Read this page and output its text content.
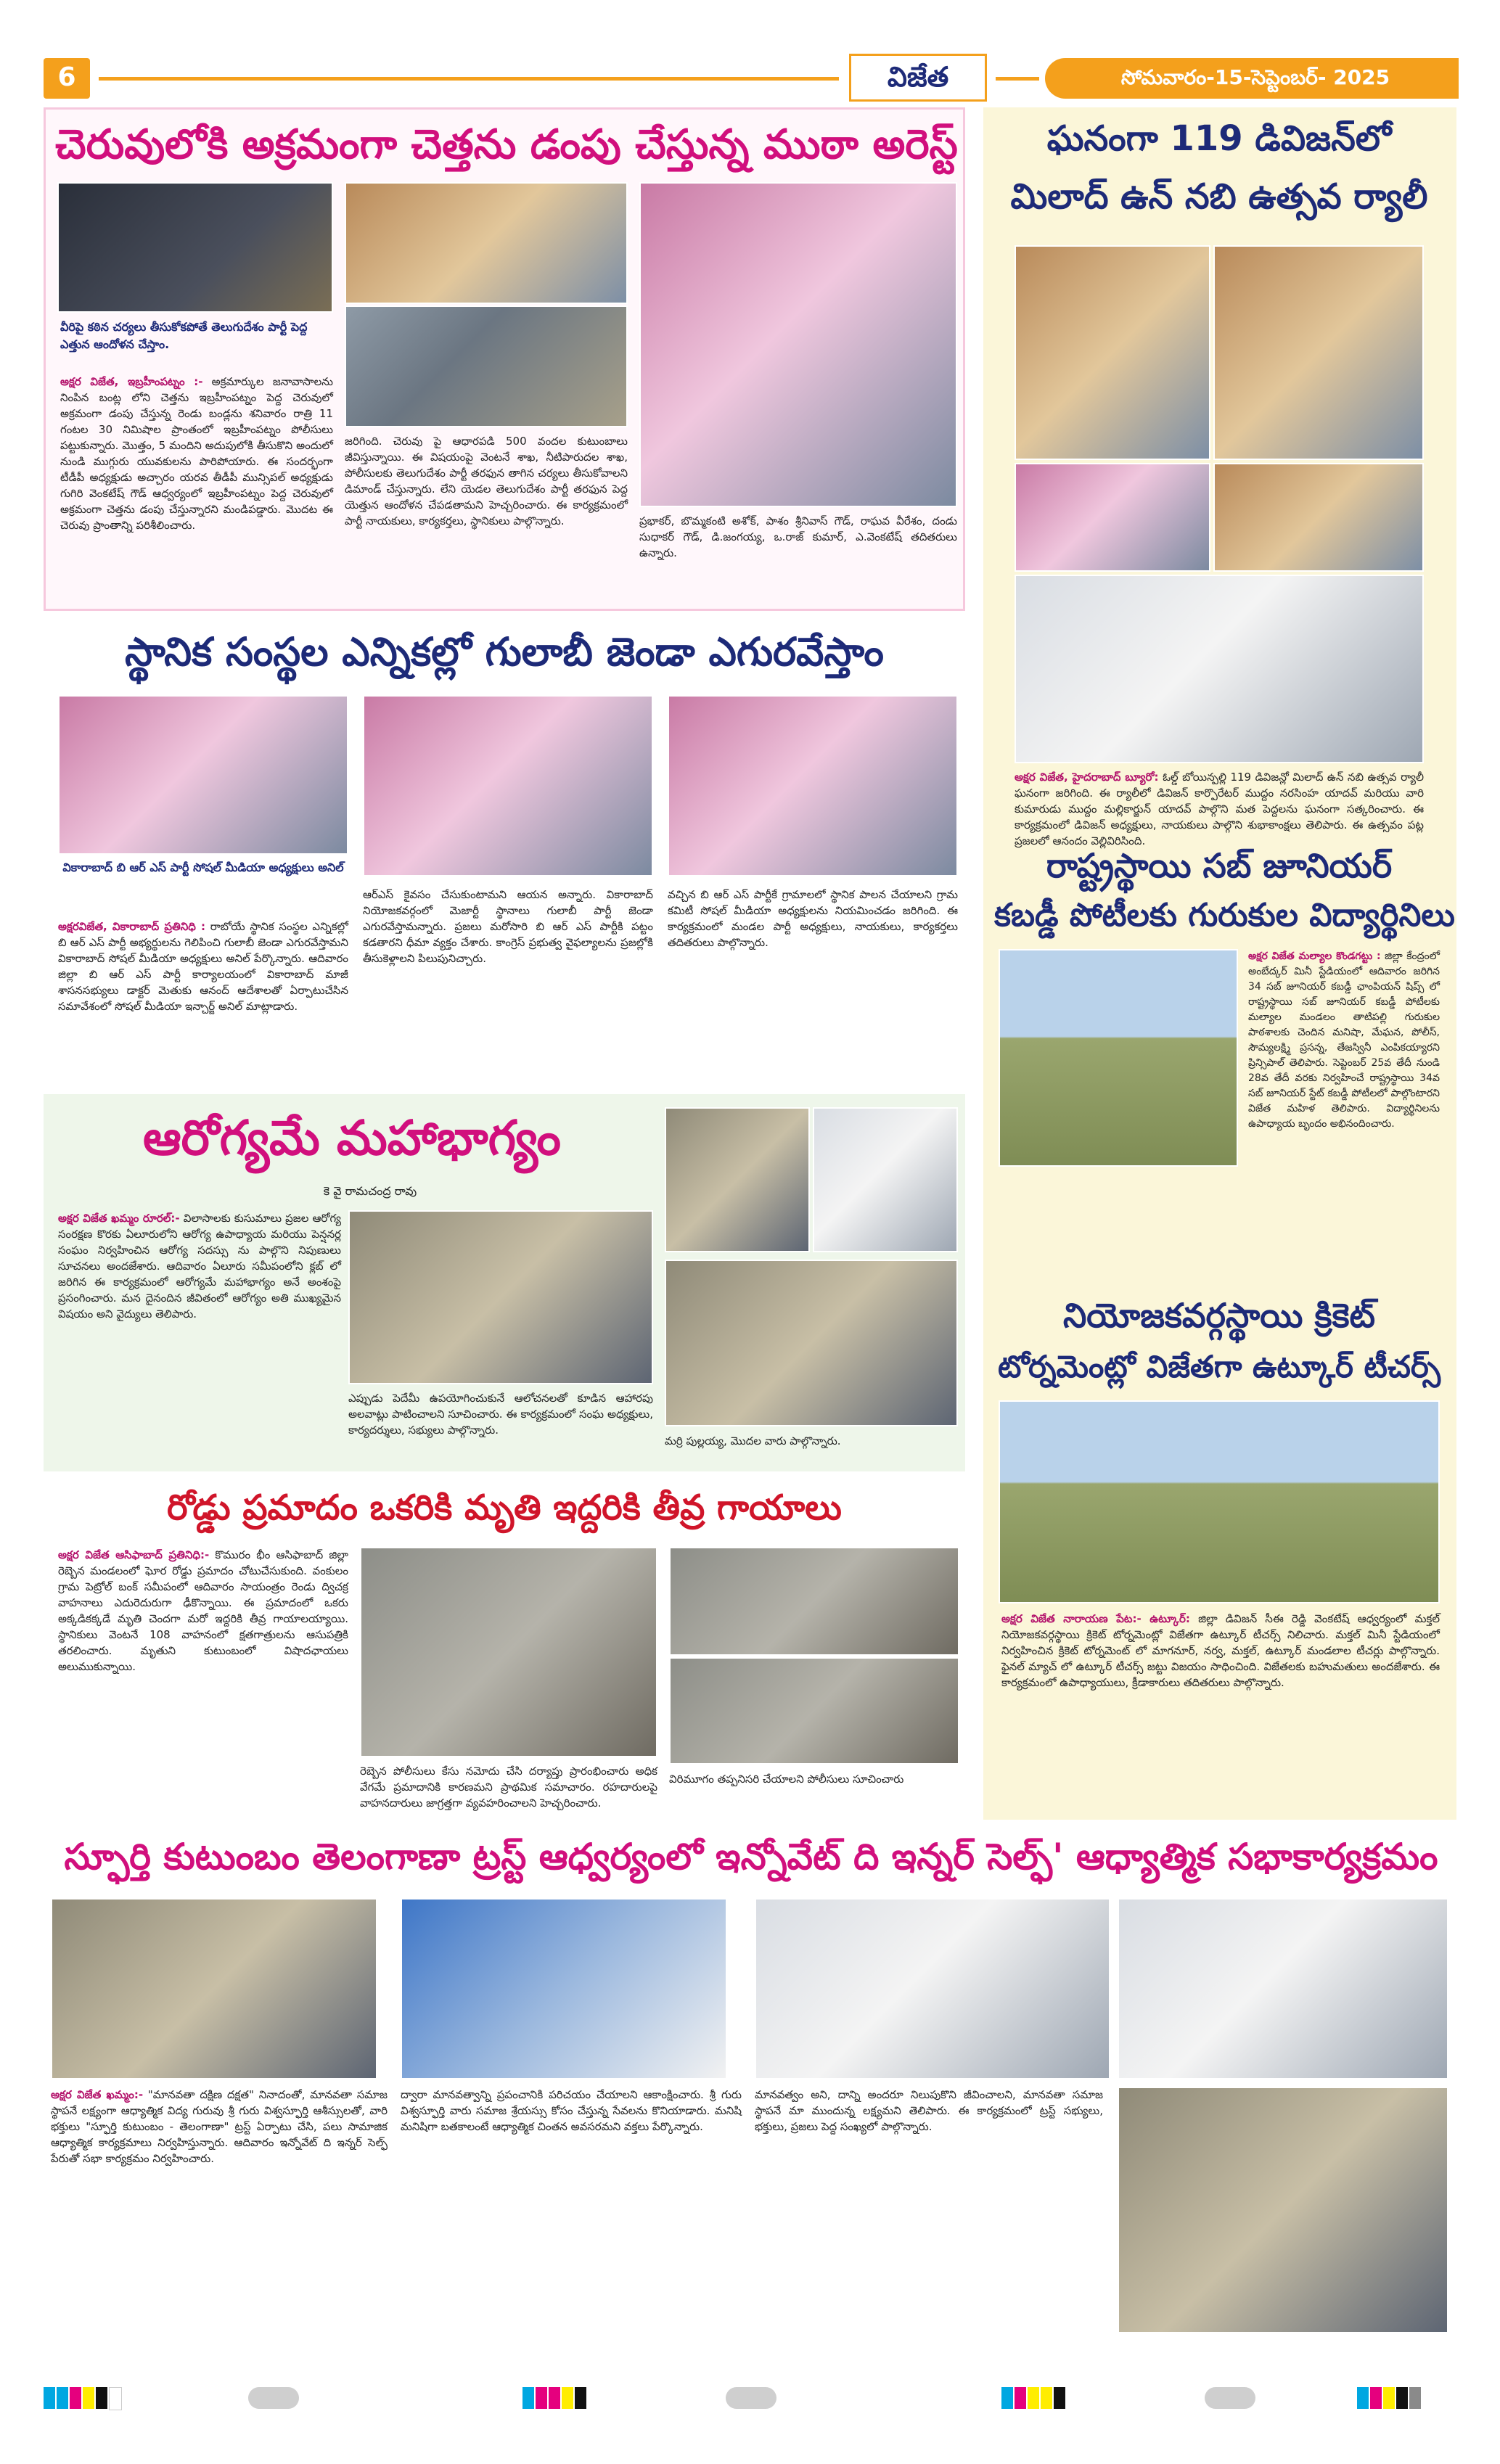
6	విజేత	సోమవారం-15-సెప్టెంబర్- 2025
చెరువులోకి అక్రమంగా చెత్తను డంపు చేస్తున్న ముఠా అరెస్ట్
వీరిపై కఠిన చర్యలు తీసుకోకపోతే తెలుగుదేశం పార్టీ పెద్ద ఎత్తున ఆందోళన చేస్తాం.
అక్షర విజేత, ఇబ్రహీంపట్నం :- అక్రమార్కుల జనావాసాలను నింపిన బంట్ల లోని చెత్తను ఇబ్రహీంపట్నం పెద్ద చెరువులో అక్రమంగా డంపు చేస్తున్న రెండు బండ్లను శనివారం రాత్రి 11 గంటల 30 నిమిషాల ప్రాంతంలో ఇబ్రహీంపట్నం పోలీసులు పట్టుకున్నారు. మొత్తం, 5 మందిని అదుపులోకి తీసుకొని అందులో నుండి ముగ్గురు యువకులను పారిపోయారు. ఈ సందర్భంగా టీడీపీ అధ్యక్షుడు అచ్చారం యరవ తీడీపీ మున్సిపల్ అధ్యక్షుడు గుగిరి వెంకటేష్ గౌడ్ ఆధ్వర్యంలో ఇబ్రహీంపట్నం పెద్ద చెరువులో అక్రమంగా చెత్తను డంపు చేస్తున్నారని మండిపడ్డారు. మొదట ఈ చెరువు ప్రాంతాన్ని పరిశీలించారు.
జరిగింది. చెరువు పై ఆధారపడి 500 వందల కుటుంబాలు జీవిస్తున్నాయి. ఈ విషయంపై వెంటనే శాఖ, నీటిపారుదల శాఖ, పోలీసులకు తెలుగుదేశం పార్టీ తరఫున తాగిన చర్యలు తీసుకోవాలని డిమాండ్ చేస్తున్నారు. లేని యెడల తెలుగుదేశం పార్టీ తరఫున పెద్ద యెత్తున ఆందోళన చేపడతామని హెచ్చరించారు. ఈ కార్యక్రమంలో పార్టీ నాయకులు, కార్యకర్తలు, స్థానికులు పాల్గొన్నారు.	ప్రభాకర్, బొమ్మకంటి అశోక్, పాశం శ్రీనివాస్ గౌడ్, రాఘవ వీరేశం, దండు సుధాకర్ గౌడ్, డి.జంగయ్య, ఒ.రాజ్ కుమార్, ఎ.వెంకటేష్ తదితరులు ఉన్నారు.
స్థానిక సంస్థల ఎన్నికల్లో గులాబీ జెండా ఎగురవేస్తాం
వికారాబాద్ బి ఆర్ ఎస్ పార్టీ సోషల్ మీడియా అధ్యక్షులు అనిల్
అక్షరవిజేత, వికారాబాద్ ప్రతినిధి : రాబోయే స్థానిక సంస్థల ఎన్నికల్లో బి ఆర్ ఎస్ పార్టీ అభ్యర్థులను గెలిపించి గులాబీ జెండా ఎగురవేస్తామని వికారాబాద్ సోషల్ మీడియా అధ్యక్షులు అనిల్ పేర్కొన్నారు. ఆదివారం జిల్లా బి ఆర్ ఎస్ పార్టీ కార్యాలయంలో వికారాబాద్ మాజీ శాసనసభ్యులు డాక్టర్ మెతుకు ఆనంద్ ఆదేశాలతో ఏర్పాటుచేసిన సమావేశంలో సోషల్ మీడియా ఇన్చార్జ్ అనిల్ మాట్లాడారు.
ఆర్ఎస్ కైవసం చేసుకుంటామని ఆయన అన్నారు. వికారాబాద్ నియోజకవర్గంలో మెజార్టీ స్థానాలు గులాబీ పార్టీ జెండా ఎగురవేస్తామన్నారు. ప్రజలు మరోసారి బి ఆర్ ఎస్ పార్టీకి పట్టం కడతారని ధీమా వ్యక్తం చేశారు. కాంగ్రెస్ ప్రభుత్వ వైఫల్యాలను ప్రజల్లోకి తీసుకెళ్లాలని పిలుపునిచ్చారు.
వచ్చిన బి ఆర్ ఎస్ పార్టీకే గ్రామాలలో స్థానిక పాలన చేయాలని గ్రామ కమిటీ సోషల్ మీడియా అధ్యక్షులను నియమించడం జరిగింది. ఈ కార్యక్రమంలో మండల పార్టీ అధ్యక్షులు, నాయకులు, కార్యకర్తలు తదితరులు పాల్గొన్నారు.
ఆరోగ్యమే మహాభాగ్యం
కె వై రామచంద్ర రావు
అక్షర విజేత ఖమ్మం రూరల్:- విలాసాలకు కుసుమాలు ప్రజల ఆరోగ్య సంరక్షణ కొరకు ఏలూరులోని ఆరోగ్య ఉపాధ్యాయ మరియు పెన్షనర్ల సంఘం నిర్వహించిన ఆరోగ్య సదస్సు ను పాల్గొని నిపుణులు సూచనలు అందజేశారు. ఆదివారం ఏలూరు సమీపంలోని క్లబ్ లో జరిగిన ఈ కార్యక్రమంలో ఆరోగ్యమే మహాభాగ్యం అనే అంశంపై ప్రసంగించారు. మన దైనందిన జీవితంలో ఆరోగ్యం అతి ముఖ్యమైన విషయం అని వైద్యులు తెలిపారు.
ఎప్పుడు పెదేమీ ఉపయోగించుకునే ఆలోచనలతో కూడిన ఆహారపు అలవాట్లు పాటించాలని సూచించారు. ఈ కార్యక్రమంలో సంఘ అధ్యక్షులు, కార్యదర్శులు, సభ్యులు పాల్గొన్నారు.
మర్రి పుల్లయ్య, మొదల వారు పాల్గొన్నారు.
రోడ్డు ప్రమాదం ఒకరికి మృతి ఇద్దరికి తీవ్ర గాయాలు
అక్షర విజేత ఆసిఫాబాద్ ప్రతినిధి:- కొమురం భీం ఆసిఫాబాద్ జిల్లా రెబ్బెన మండలంలో ఘోర రోడ్డు ప్రమాదం చోటుచేసుకుంది. వంకులం గ్రామ పెట్రోల్ బంక్ సమీపంలో ఆదివారం సాయంత్రం రెండు ద్విచక్ర వాహనాలు ఎదురెదురుగా ఢీకొన్నాయి. ఈ ప్రమాదంలో ఒకరు అక్కడికక్కడే మృతి చెందగా మరో ఇద్దరికి తీవ్ర గాయాలయ్యాయి. స్థానికులు వెంటనే 108 వాహనంలో క్షతగాత్రులను ఆసుపత్రికి తరలించారు. మృతుని కుటుంబంలో విషాదఛాయలు అలుముకున్నాయి.
రెబ్బెన పోలీసులు కేసు నమోదు చేసి దర్యాప్తు ప్రారంభించారు అధిక వేగమే ప్రమాదానికి కారణమని ప్రాథమిక సమాచారం. రహదారులపై వాహనదారులు జాగ్రత్తగా వ్యవహరించాలని హెచ్చరించారు.
విరిమూగం తప్పనిసరి చేయాలని పోలీసులు సూచించారు
ఘనంగా 119 డివిజన్‌లో
మిలాద్ ఉన్ నబి ఉత్సవ ర్యాలీ
అక్షర విజేత, హైదరాబాద్ బ్యూరో: ఓల్డ్ బోయిన్పల్లి 119 డివిజన్లో మిలాద్ ఉన్ నబి ఉత్సవ ర్యాలీ ఘనంగా జరిగింది. ఈ ర్యాలీలో డివిజన్ కార్పొరేటర్ ముద్దం నరసింహ యాదవ్ మరియు వారి కుమారుడు ముద్దం మల్లికార్జున్ యాదవ్ పాల్గొని మత పెద్దలను ఘనంగా సత్కరించారు. ఈ కార్యక్రమంలో డివిజన్ అధ్యక్షులు, నాయకులు పాల్గొని శుభాకాంక్షలు తెలిపారు. ఈ ఉత్సవం పట్ల ప్రజలలో ఆనందం వెల్లివిరిసింది.
రాష్ట్రస్థాయి సబ్ జూనియర్
కబడ్డీ పోటీలకు గురుకుల విద్యార్థినిలు
అక్షర విజేత మల్యాల కొండగట్టు : జిల్లా కేంద్రంలో అంబేద్కర్ మినీ స్టేడియంలో ఆదివారం జరిగిన 34 సబ్ జూనియర్ కబడ్డీ ఛాంపియన్ షిప్స్ లో రాష్ట్రస్థాయి సబ్ జూనియర్ కబడ్డీ పోటీలకు మల్యాల మండలం తాటిపల్లి గురుకుల పాఠశాలకు చెందిన మనిషా, మేఘన, పోలీస్, సౌమ్యలక్ష్మి ప్రసన్న, తేజస్వినీ ఎంపికయ్యారని ప్రిన్సిపాల్ తెలిపారు. సెప్టెంబర్ 25వ తేదీ నుండి 28వ తేదీ వరకు నిర్వహించే రాష్ట్రస్థాయి 34వ సబ్ జూనియర్ స్టేట్ కబడ్డీ పోటీలలో పాల్గొంటారని విజేత మహిళ తెలిపారు. విద్యార్థినిలను ఉపాధ్యాయ బృందం అభినందించారు.
నియోజకవర్గస్థాయి క్రికెట్
టోర్నమెంట్లో విజేతగా ఉట్కూర్ టీచర్స్
అక్షర విజేత నారాయణ పేట:- ఉట్కూర్: జిల్లా డివిజన్ సీఈ రెడ్డి వెంకటేష్ ఆధ్వర్యంలో మక్తల్ నియోజకవర్గస్థాయి క్రికెట్ టోర్నమెంట్లో విజేతగా ఉట్కూర్ టీచర్స్ నిలిచారు. మక్తల్ మినీ స్టేడియంలో నిర్వహించిన క్రికెట్ టోర్నమెంట్ లో మాగనూర్, నర్వ, మక్తల్, ఉట్కూర్ మండలాల టీచర్లు పాల్గొన్నారు. ఫైనల్ మ్యాచ్ లో ఉట్కూర్ టీచర్స్ జట్టు విజయం సాధించింది. విజేతలకు బహుమతులు అందజేశారు. ఈ కార్యక్రమంలో ఉపాధ్యాయులు, క్రీడాకారులు తదితరులు పాల్గొన్నారు.
స్ఫూర్తి కుటుంబం తెలంగాణా ట్రస్ట్ ఆధ్వర్యంలో ఇన్నోవేట్ ది ఇన్నర్ సెల్ఫ్' ఆధ్యాత్మిక సభాకార్యక్రమం
అక్షర విజేత ఖమ్మం:- "మానవతా దక్షిణ దక్షత" నినాదంతో, మానవతా సమాజ స్థాపనే లక్ష్యంగా ఆధ్యాత్మిక విద్య గురువు శ్రీ గురు విశ్వస్ఫూర్తి ఆశీస్సులతో, వారి భక్తులు "స్ఫూర్తి కుటుంబం - తెలంగాణా" ట్రస్ట్ ఏర్పాటు చేసి, పలు సామాజిక ఆధ్యాత్మిక కార్యక్రమాలు నిర్వహిస్తున్నారు. ఆదివారం ఇన్నోవేట్ ది ఇన్నర్ సెల్ఫ్ పేరుతో సభా కార్యక్రమం నిర్వహించారు.
ద్వారా మానవత్వాన్ని ప్రపంచానికి పరిచయం చేయాలని ఆకాంక్షించారు. శ్రీ గురు విశ్వస్ఫూర్తి వారు సమాజ శ్రేయస్సు కోసం చేస్తున్న సేవలను కొనియాడారు. మనిషి మనిషిగా బతకాలంటే ఆధ్యాత్మిక చింతన అవసరమని వక్తలు పేర్కొన్నారు.
మానవత్వం అని, దాన్ని అందరూ నిలుపుకొని జీవించాలని, మానవతా సమాజ స్థాపనే మా ముందున్న లక్ష్యమని తెలిపారు. ఈ కార్యక్రమంలో ట్రస్ట్ సభ్యులు, భక్తులు, ప్రజలు పెద్ద సంఖ్యలో పాల్గొన్నారు.
